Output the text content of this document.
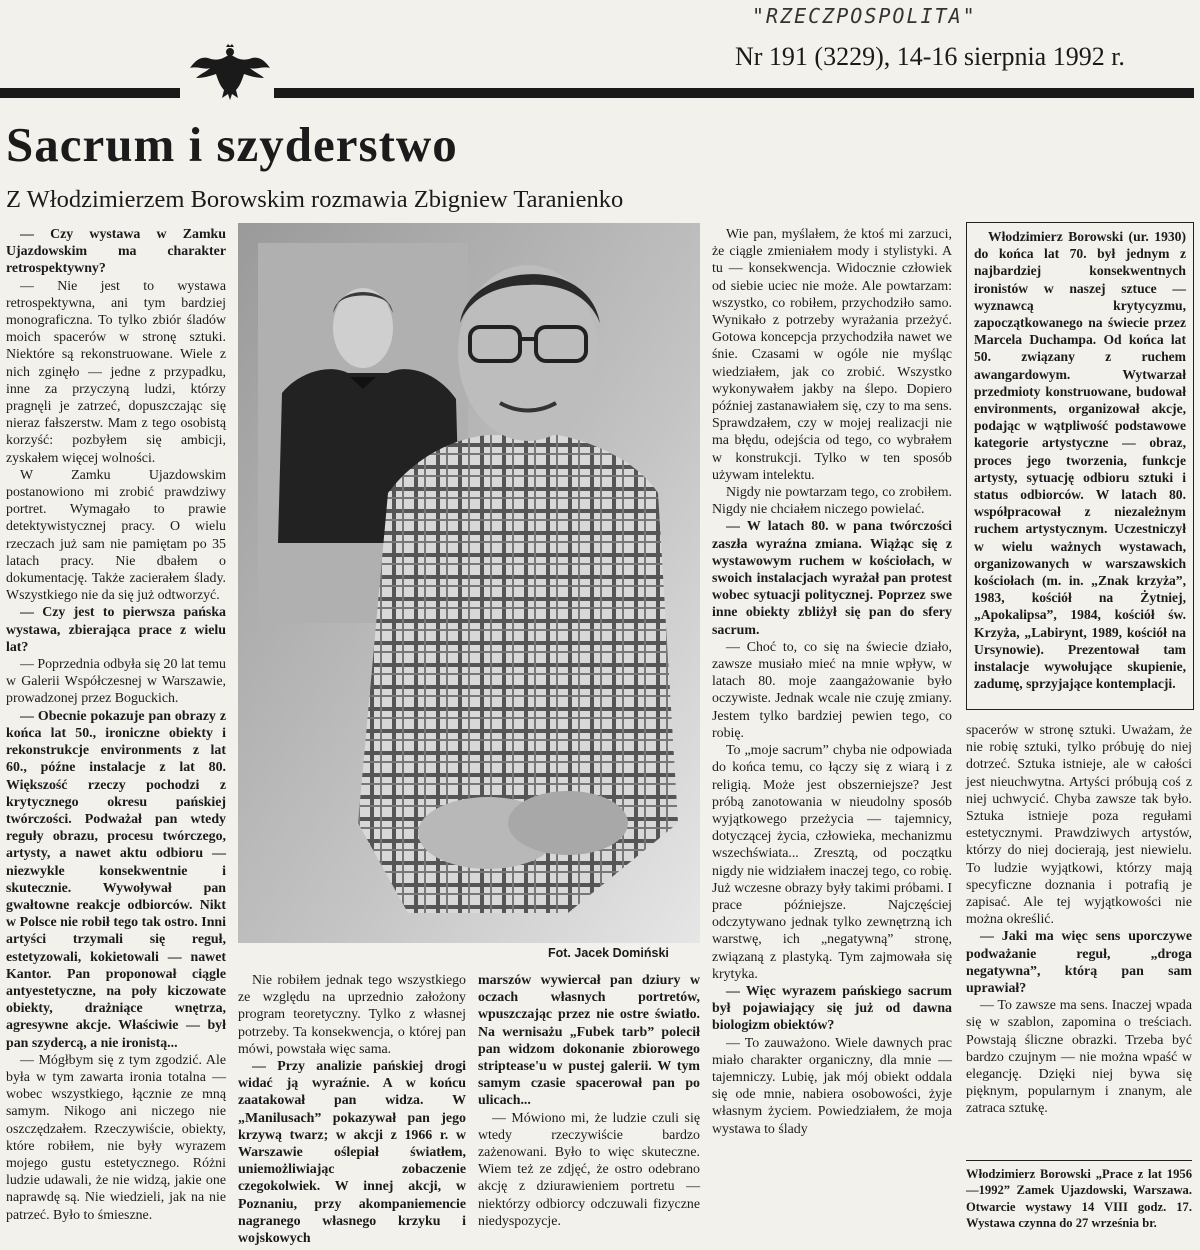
"RZECZPOSPOLITA"
Nr 191 (3229), 14-16 sierpnia 1992 r.
Sacrum i szyderstwo
Z Włodzimierzem Borowskim rozmawia Zbigniew Taranienko

— Czy wystawa w Zamku Ujazdowskim ma charakter retrospektywny?

— Nie jest to wystawa retrospektywna, ani tym bardziej monograficzna. To tylko zbiór śladów moich spacerów w stronę sztuki. Niektóre są rekonstruowane. Wiele z nich zginęło — jedne z przypadku, inne za przyczyną ludzi, którzy pragnęli je zatrzeć, dopuszczając się nieraz fałszerstw. Mam z tego osobistą korzyść: pozbyłem się ambicji, zyskałem więcej wolności.

W Zamku Ujazdowskim postanowiono mi zrobić prawdziwy portret. Wymagało to prawie detektywistycznej pracy. O wielu rzeczach już sam nie pamiętam po 35 latach pracy. Nie dbałem o dokumentację. Także zacierałem ślady. Wszystkiego nie da się już odtworzyć.

— Czy jest to pierwsza pańska wystawa, zbierająca prace z wielu lat?

— Poprzednia odbyła się 20 lat temu w Galerii Współczesnej w Warszawie, prowadzonej przez Boguckich.

— Obecnie pokazuje pan obrazy z końca lat 50., ironiczne obiekty i rekonstrukcje environments z lat 60., późne instalacje z lat 80. Większość rzeczy pochodzi z krytycznego okresu pańskiej twórczości. Podważał pan wtedy reguły obrazu, procesu twórczego, artysty, a nawet aktu odbioru — niezwykle konsekwentnie i skutecznie. Wywoływał pan gwałtowne reakcje odbiorców. Nikt w Polsce nie robił tego tak ostro. Inni artyści trzymali się reguł, estetyzowali, kokietowali — nawet Kantor. Pan proponował ciągle antyestetyczne, na poły kiczowate obiekty, drażniące wnętrza, agresywne akcje. Właściwie — był pan szydercą, a nie ironistą...

— Mógłbym się z tym zgodzić. Ale była w tym zawarta ironia totalna — wobec wszystkiego, łącznie ze mną samym. Nikogo ani niczego nie oszczędzałem. Rzeczywiście, obiekty, które robiłem, nie były wyrazem mojego gustu estetycznego. Różni ludzie udawali, że nie widzą, jakie one naprawdę są. Nie wiedzieli, jak na nie patrzeć. Było to śmieszne.

Fot. Jacek Domiński

Nie robiłem jednak tego wszystkiego ze względu na uprzednio założony program teoretyczny. Tylko z własnej potrzeby. Ta konsekwencja, o której pan mówi, powstała więc sama.

— Przy analizie pańskiej drogi widać ją wyraźnie. A w końcu zaatakował pan widza. W „Manilusach” pokazywał pan jego krzywą twarz; w akcji z 1966 r. w Warszawie oślepiał światłem, uniemożliwiając zobaczenie czegokolwiek. W innej akcji, w Poznaniu, przy akompaniemencie nagranego własnego krzyku i wojskowych

marszów wywiercał pan dziury w oczach własnych portretów, wpuszczając przez nie ostre światło. Na wernisażu „Fubek tarb” polecił pan widzom dokonanie zbiorowego striptease'u w pustej galerii. W tym samym czasie spacerował pan po ulicach...

— Mówiono mi, że ludzie czuli się wtedy rzeczywiście bardzo zażenowani. Było to więc skuteczne. Wiem też ze zdjęć, że ostro odebrano akcję z dziurawieniem portretu — niektórzy odbiorcy odczuwali fizyczne niedyspozycje.

Wie pan, myślałem, że ktoś mi zarzuci, że ciągle zmieniałem mody i stylistyki. A tu — konsekwencja. Widocznie człowiek od siebie uciec nie może. Ale powtarzam: wszystko, co robiłem, przychodziło samo. Wynikało z potrzeby wyrażania przeżyć. Gotowa koncepcja przychodziła nawet we śnie. Czasami w ogóle nie myśląc wiedziałem, jak co zrobić. Wszystko wykonywałem jakby na ślepo. Dopiero później zastanawiałem się, czy to ma sens. Sprawdzałem, czy w mojej realizacji nie ma błędu, odejścia od tego, co wybrałem w konstrukcji. Tylko w ten sposób używam intelektu.

Nigdy nie powtarzam tego, co zrobiłem. Nigdy nie chciałem niczego powielać.

— W latach 80. w pana twórczości zaszła wyraźna zmiana. Wiążąc się z wystawowym ruchem w kościołach, w swoich instalacjach wyrażał pan protest wobec sytuacji politycznej. Poprzez swe inne obiekty zbliżył się pan do sfery sacrum.

— Choć to, co się na świecie działo, zawsze musiało mieć na mnie wpływ, w latach 80. moje zaangażowanie było oczywiste. Jednak wcale nie czuję zmiany. Jestem tylko bardziej pewien tego, co robię.

To „moje sacrum” chyba nie odpowiada do końca temu, co łączy się z wiarą i z religią. Może jest obszerniejsze? Jest próbą zanotowania w nieudolny sposób wyjątkowego przeżycia — tajemnicy, dotyczącej życia, człowieka, mechanizmu wszechświata... Zresztą, od początku nigdy nie widziałem inaczej tego, co robię. Już wczesne obrazy były takimi próbami. I prace późniejsze. Najczęściej odczytywano jednak tylko zewnętrzną ich warstwę, ich „negatywną” stronę, związaną z plastyką. Tym zajmowała się krytyka.

— Więc wyrazem pańskiego sacrum był pojawiający się już od dawna biologizm obiektów?

— To zauważono. Wiele dawnych prac miało charakter organiczny, dla mnie — tajemniczy. Lubię, jak mój obiekt oddala się ode mnie, nabiera osobowości, żyje własnym życiem. Powiedziałem, że moja wystawa to ślady

Włodzimierz Borowski (ur. 1930) do końca lat 70. był jednym z najbardziej konsekwentnych ironistów w naszej sztuce — wyznawcą krytycyzmu, zapoczątkowanego na świecie przez Marcela Duchampa. Od końca lat 50. związany z ruchem awangardowym. Wytwarzał przedmioty konstruowane, budował environments, organizował akcje, podając w wątpliwość podstawowe kategorie artystyczne — obraz, proces jego tworzenia, funkcje artysty, sytuację odbioru sztuki i status odbiorców. W latach 80. współpracował z niezależnym ruchem artystycznym. Uczestniczył w wielu ważnych wystawach, organizowanych w warszawskich kościołach (m. in. „Znak krzyża”, 1983, kościół na Żytniej, „Apokalipsa”, 1984, kościół św. Krzyża, „Labirynt, 1989, kościół na Ursynowie). Prezentował tam instalacje wywołujące skupienie, zadumę, sprzyjające kontemplacji.

spacerów w stronę sztuki. Uważam, że nie robię sztuki, tylko próbuję do niej dotrzeć. Sztuka istnieje, ale w całości jest nieuchwytna. Artyści próbują coś z niej uchwycić. Chyba zawsze tak było. Sztuka istnieje poza regułami estetycznymi. Prawdziwych artystów, którzy do niej docierają, jest niewielu. To ludzie wyjątkowi, którzy mają specyficzne doznania i potrafią je zapisać. Ale tej wyjątkowości nie można określić.

— Jaki ma więc sens uporczywe podważanie reguł, „droga negatywna”, którą pan sam uprawiał?

— To zawsze ma sens. Inaczej wpada się w szablon, zapomina o treściach. Powstają śliczne obrazki. Trzeba być bardzo czujnym — nie można wpaść w elegancję. Dzięki niej bywa się pięknym, popularnym i znanym, ale zatraca sztukę.

Włodzimierz Borowski „Prace z lat 1956—1992” Zamek Ujazdowski, Warszawa. Otwarcie wystawy 14 VIII godz. 17. Wystawa czynna do 27 września br.
